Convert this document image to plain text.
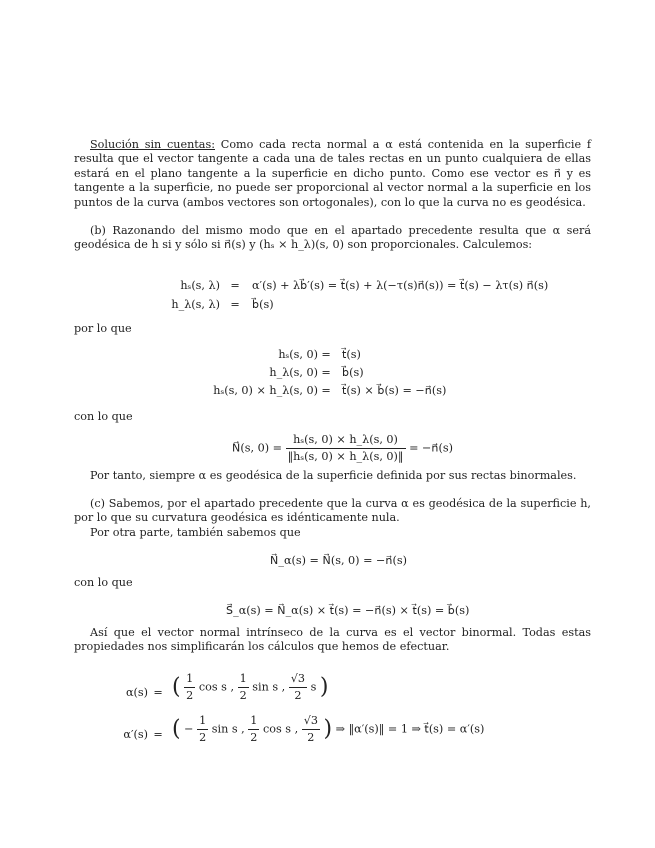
Solución sin cuentas: Como cada recta normal a α está contenida en la superficie f resulta que el vector tangente a cada una de tales rectas en un punto cualquiera de ellas estará en el plano tangente a la superficie en dicho punto. Como ese vector es n⃗ y es tangente a la superficie, no puede ser proporcional al vector normal a la superficie en los puntos de la curva (ambos vectores son ortogonales), con lo que la curva no es geodésica.

(b) Razonando del mismo modo que en el apartado precedente resulta que α será geodésica de h si y sólo si n⃗(s) y (hₛ × h_λ)(s, 0) son proporcionales. Calculemos:

hₛ(s, λ) =	α′(s) + λb⃗′(s) = t⃗(s) + λ(−τ(s)n⃗(s)) = t⃗(s) − λτ(s) n⃗(s)
h_λ(s, λ) =	b⃗(s)

por lo que

hₛ(s, 0) =	t⃗(s)
h_λ(s, 0) =	b⃗(s)
hₛ(s, 0) × h_λ(s, 0) =	t⃗(s) × b⃗(s) = −n⃗(s)

con lo que

N⃗(s, $0) = \frac{\text{hₛ(s, 0) × h\_λ(s, 0)}}{\text{‖hₛ(s, 0) × h\_λ(s, 0)‖}}$ = −n⃗(s)

Por tanto, siempre α es geodésica de la superficie definida por sus rectas binormales.

(c) Sabemos, por el apartado precedente que la curva α es geodésica de la superficie h, por lo que su curvatura geodésica es idénticamente nula.

Por otra parte, también sabemos que

N⃗_α(s) = N⃗(s, 0) = −n⃗(s)

con lo que

S⃗_α(s) = N⃗_α(s) × t⃗(s) = −n⃗(s) × t⃗(s) = b⃗(s)

Así que el vector normal intrínseco de la curva es el vector binormal. Todas estas propiedades nos simplificarán los cálculos que hemos de efectuar.

α(s) = ( $\frac{1}{2}$ cos s , $\frac{1}{2}$ sin s , $\frac{√3}{2}$ s )
α′(s) = ( − $\frac{1}{2}$ sin s , $\frac{1}{2}$ cos s , $\frac{√3}{2}$ ) ⇒ ‖α′(s)‖ = 1 ⇒ t⃗(s) = α′(s)
